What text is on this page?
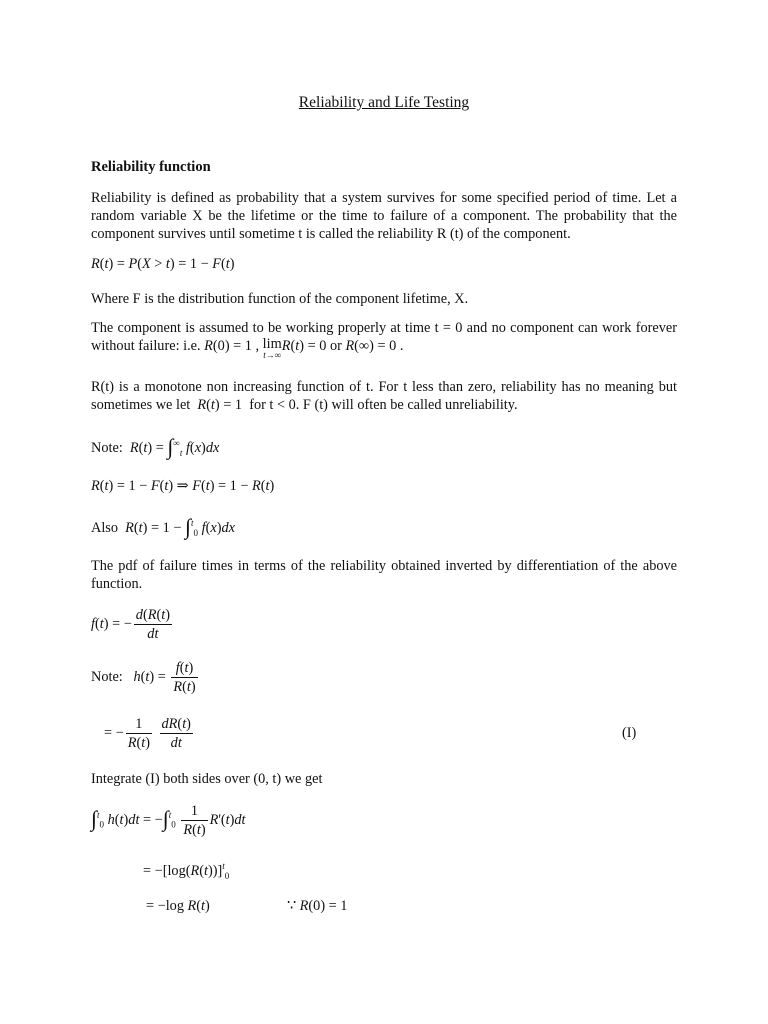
Reliability and Life Testing
Reliability function
Reliability is defined as probability that a system survives for some specified period of time. Let a random variable X be the lifetime or the time to failure of a component. The probability that the component survives until sometime t is called the reliability R (t) of the component.
R(t) = P(X > t) = 1 − F(t)
Where F is the distribution function of the component lifetime, X.
The component is assumed to be working properly at time t = 0 and no component can work forever without failure: i.e. R(0) = 1 , lim
t→∞
R(t) = 0 or R(∞) = 0 .
R(t) is a monotone non increasing function of t. For t less than zero, reliability has no meaning but sometimes we let R(t) = 1  for t < 0. F (t) will often be called unreliability.
Note: $R(t) = \int^\infty_t$ f(x)dx
R(t) = 1 − F(t) ⇒ F(t) = 1 − R(t)
Also R(t) = 1 − ∫$^t_0$ f(x)dx
The pdf of failure times in terms of the reliability obtained inverted by differentiation of the above function.
f(t) = − $\frac{d(R(t)}{dt}$
Note: $h(t) = \frac{f(t)}{R(t)}$
= − $\frac{1}{R(t)}$
$\frac{dR(t)}{dt}$	(I)
Integrate (I) both sides over (0, t) we get
∫$^t_0$ $h(t)dt = -\int^t_0 \frac{1}{R(t)} R'(t)dt$
= $-[\log(R(t))]^t_0$
= −log R(t)	∵ R(0) = 1
